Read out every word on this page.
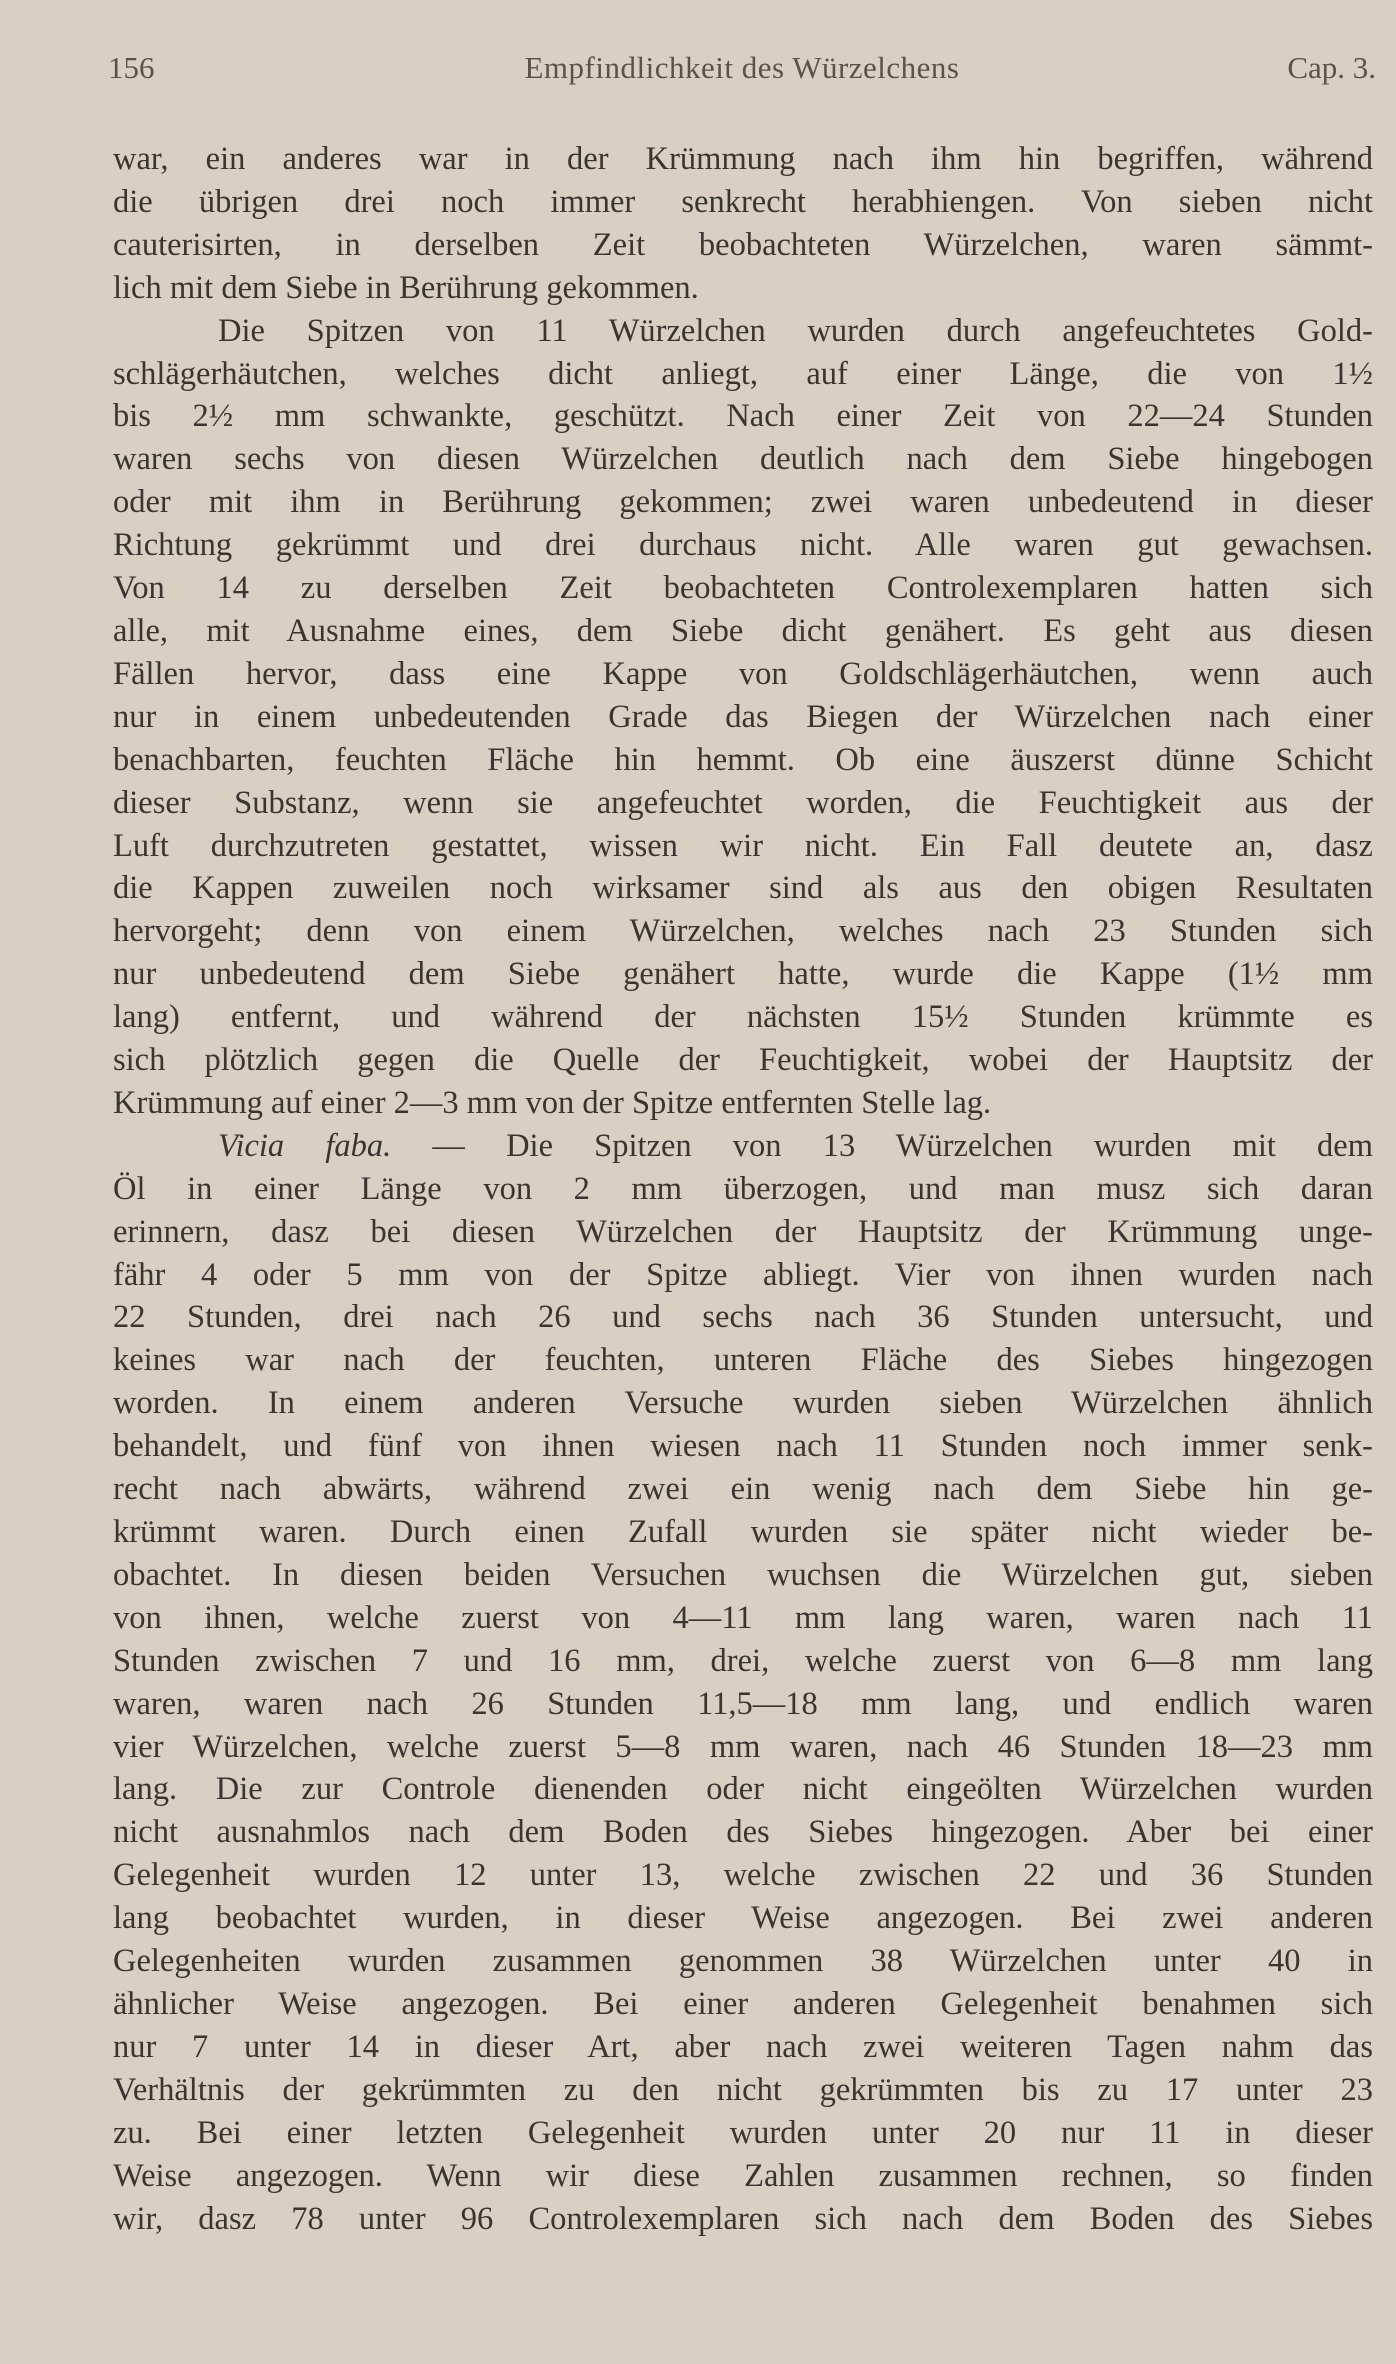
156	Empfindlichkeit des Würzelchens	Cap. 3.
war, ein anderes war in der Krümmung nach ihm hin begriffen, während
die übrigen drei noch immer senkrecht herabhiengen. Von sieben nicht
cauterisirten, in derselben Zeit beobachteten Würzelchen, waren sämmt-
lich mit dem Siebe in Berührung gekommen.
Die Spitzen von 11 Würzelchen wurden durch angefeuchtetes Gold-
schlägerhäutchen, welches dicht anliegt, auf einer Länge, die von 1½
bis 2½ mm schwankte, geschützt. Nach einer Zeit von 22—24 Stunden
waren sechs von diesen Würzelchen deutlich nach dem Siebe hingebogen
oder mit ihm in Berührung gekommen; zwei waren unbedeutend in dieser
Richtung gekrümmt und drei durchaus nicht. Alle waren gut gewachsen.
Von 14 zu derselben Zeit beobachteten Controlexemplaren hatten sich
alle, mit Ausnahme eines, dem Siebe dicht genähert. Es geht aus diesen
Fällen hervor, dass eine Kappe von Goldschlägerhäutchen, wenn auch
nur in einem unbedeutenden Grade das Biegen der Würzelchen nach einer
benachbarten, feuchten Fläche hin hemmt. Ob eine äuszerst dünne Schicht
dieser Substanz, wenn sie angefeuchtet worden, die Feuchtigkeit aus der
Luft durchzutreten gestattet, wissen wir nicht. Ein Fall deutete an, dasz
die Kappen zuweilen noch wirksamer sind als aus den obigen Resultaten
hervorgeht; denn von einem Würzelchen, welches nach 23 Stunden sich
nur unbedeutend dem Siebe genähert hatte, wurde die Kappe (1½ mm
lang) entfernt, und während der nächsten 15½ Stunden krümmte es
sich plötzlich gegen die Quelle der Feuchtigkeit, wobei der Hauptsitz der
Krümmung auf einer 2—3 mm von der Spitze entfernten Stelle lag.
Vicia faba. — Die Spitzen von 13 Würzelchen wurden mit dem
Öl in einer Länge von 2 mm überzogen, und man musz sich daran
erinnern, dasz bei diesen Würzelchen der Hauptsitz der Krümmung unge-
fähr 4 oder 5 mm von der Spitze abliegt. Vier von ihnen wurden nach
22 Stunden, drei nach 26 und sechs nach 36 Stunden untersucht, und
keines war nach der feuchten, unteren Fläche des Siebes hingezogen
worden. In einem anderen Versuche wurden sieben Würzelchen ähnlich
behandelt, und fünf von ihnen wiesen nach 11 Stunden noch immer senk-
recht nach abwärts, während zwei ein wenig nach dem Siebe hin ge-
krümmt waren. Durch einen Zufall wurden sie später nicht wieder be-
obachtet. In diesen beiden Versuchen wuchsen die Würzelchen gut, sieben
von ihnen, welche zuerst von 4—11 mm lang waren, waren nach 11
Stunden zwischen 7 und 16 mm, drei, welche zuerst von 6—8 mm lang
waren, waren nach 26 Stunden 11,5—18 mm lang, und endlich waren
vier Würzelchen, welche zuerst 5—8 mm waren, nach 46 Stunden 18—23 mm
lang. Die zur Controle dienenden oder nicht eingeölten Würzelchen wurden
nicht ausnahmlos nach dem Boden des Siebes hingezogen. Aber bei einer
Gelegenheit wurden 12 unter 13, welche zwischen 22 und 36 Stunden
lang beobachtet wurden, in dieser Weise angezogen. Bei zwei anderen
Gelegenheiten wurden zusammen genommen 38 Würzelchen unter 40 in
ähnlicher Weise angezogen. Bei einer anderen Gelegenheit benahmen sich
nur 7 unter 14 in dieser Art, aber nach zwei weiteren Tagen nahm das
Verhältnis der gekrümmten zu den nicht gekrümmten bis zu 17 unter 23
zu. Bei einer letzten Gelegenheit wurden unter 20 nur 11 in dieser
Weise angezogen. Wenn wir diese Zahlen zusammen rechnen, so finden
wir, dasz 78 unter 96 Controlexemplaren sich nach dem Boden des Siebes
